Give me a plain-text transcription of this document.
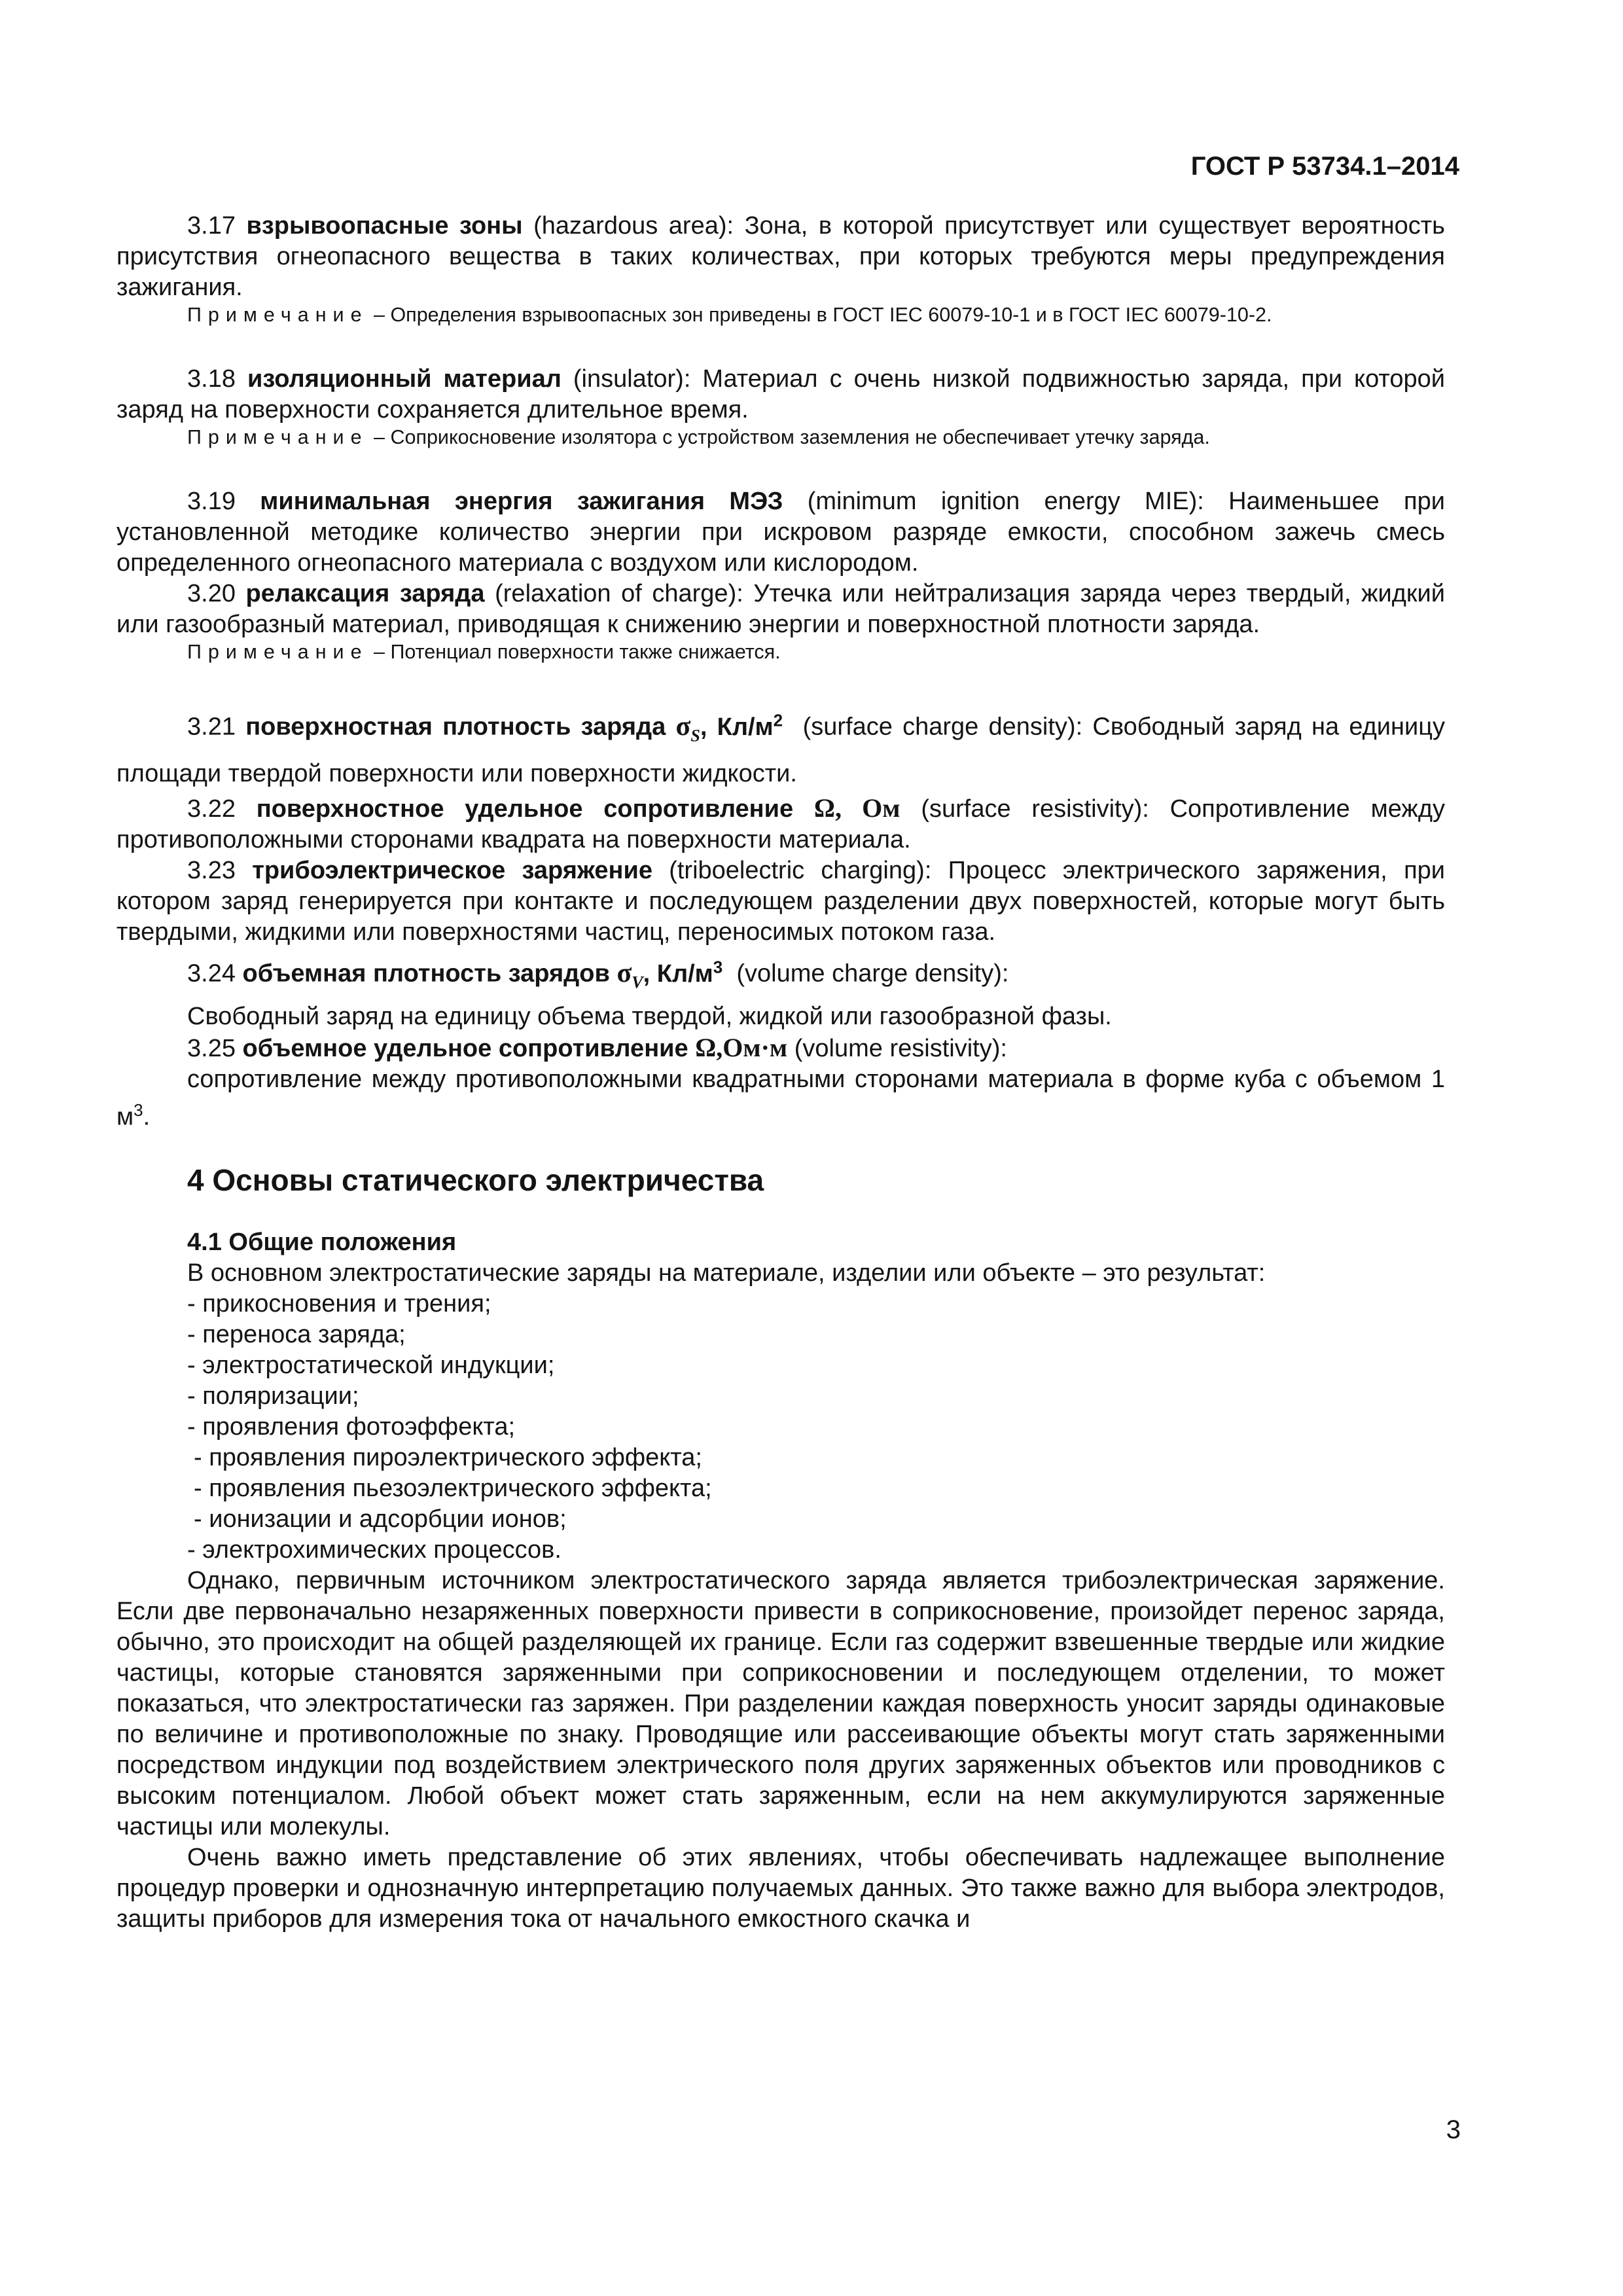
ГОСТ Р 53734.1–2014

3.17 взрывоопасные зоны (hazardous area): Зона, в которой присутствует или существует вероятность присутствия огнеопасного вещества в таких количествах, при которых требуются меры предупреждения зажигания.

Примечание – Определения взрывоопасных зон приведены в ГОСТ IEC 60079-10-1 и в ГОСТ IEC 60079-10-2.

3.18 изоляционный материал (insulator): Материал с очень низкой подвижностью заряда, при которой заряд на поверхности сохраняется длительное время.

Примечание – Соприкосновение изолятора с устройством заземления не обеспечивает утечку заряда.

3.19 минимальная энергия зажигания МЭЗ (minimum ignition energy MIE): Наименьшее при установленной методике количество энергии при искровом разряде емкости, способном зажечь смесь определенного огнеопасного материала с воздухом или кислородом.

3.20 релаксация заряда (relaxation of charge): Утечка или нейтрализация заряда через твердый, жидкий или газообразный материал, приводящая к снижению энергии и поверхностной плотности заряда.

Примечание – Потенциал поверхности также снижается.

3.21 поверхностная плотность заряда $\sigma_S$, $Кл/м^2$ (surface charge density): Свободный заряд на единицу площади твердой поверхности или поверхности жидкости.

3.22 поверхностное удельное сопротивление Ω, Ом (surface resistivity): Сопротивление между противоположными сторонами квадрата на поверхности материала.

3.23 трибоэлектрическое заряжение (triboelectric charging): Процесс электрического заряжения, при котором заряд генерируется при контакте и последующем разделении двух поверхностей, которые могут быть твердыми, жидкими или поверхностями частиц, переносимых потоком газа.

3.24 объемная плотность зарядов $\sigma_V$, $Кл/м^3$ (volume charge density):

Свободный заряд на единицу объема твердой, жидкой или газообразной фазы.

3.25 объемное удельное сопротивление Ω,Ом·м (volume resistivity):

сопротивление между противоположными квадратными сторонами материала в форме куба с объемом 1 $м^3$.

4 Основы статического электричества

4.1 Общие положения

В основном электростатические заряды на материале, изделии или объекте – это результат:

- прикосновения и трения;

- переноса заряда;

- электростатической индукции;

- поляризации;

- проявления фотоэффекта;

- проявления пироэлектрического эффекта;

- проявления пьезоэлектрического эффекта;

- ионизации и адсорбции ионов;

- электрохимических процессов.

Однако, первичным источником электростатического заряда является трибоэлектрическая заряжение. Если две первоначально незаряженных поверхности привести в соприкосновение, произойдет перенос заряда, обычно, это происходит на общей разделяющей их границе. Если газ содержит взвешенные твердые или жидкие частицы, которые становятся заряженными при соприкосновении и последующем отделении, то может показаться, что электростатически газ заряжен. При разделении каждая поверхность уносит заряды одинаковые по величине и противоположные по знаку. Проводящие или рассеивающие объекты могут стать заряженными посредством индукции под воздействием электрического поля других заряженных объектов или проводников с высоким потенциалом. Любой объект может стать заряженным, если на нем аккумулируются заряженные частицы или молекулы.

Очень важно иметь представление об этих явлениях, чтобы обеспечивать надлежащее выполнение процедур проверки и однозначную интерпретацию получаемых данных. Это также важно для выбора электродов, защиты приборов для измерения тока от начального емкостного скачка и

3
